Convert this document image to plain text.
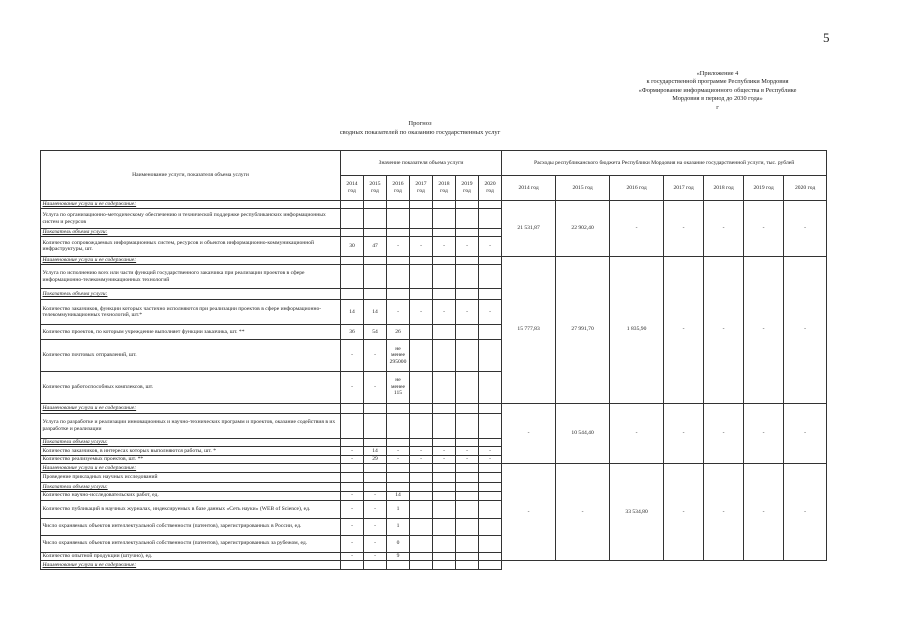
5
«Приложение 4
к государственной программе Республики Мордовия
«Формирование информационного общества в Республике
Мордовия в период до 2030 года»
г
Прогноз
сводных показателей по оказанию государственных услуг
Наименование услуги, показателя объема услуги	Значение показателя объема услуги							Расходы республиканского бюджета Республики Мордовия на оказание государственной услуги, тыс. рублей						
	2014 год	2015 год	2016 год	2017 год	2018 год	2019 год	2020 год	2014 год	2015 год	2016 год	2017 год	2018 год	2019 год	2020 год
Наименование услуги и ее содержание:								21 531,87	22 902,40	-	-	-	-	-
Услуга по организационно-методическому обеспечению и технической поддержке республиканских информационных систем и ресурсов														
Показатель объема услуги:														
Количество сопровождаемых информационных систем, ресурсов и объектов информационно-коммуникационной инфраструктуры, шт.	30	47	-	-	-	-	-							
Наименование услуги и ее содержание:								15 777,83	27 991,70	1 835,90	-	-	-	-
Услуга по исполнению всех или части функций государственного заказчика при реализации проектов в сфере информационно-телекоммуникационных технологий														
Показатель объема услуги:														
Количество заказчиков, функции которых частично исполняются при реализации проектов в сфере информационно-телекоммуникационных технологий, шт.*	14	14	-	-	-	-	-							
Количество проектов, по которым учреждение выполняет функции заказчика, шт. **	36	54	26											
Количество почтовых отправлений, шт.	-	-	не менее 295000											
Количество работоспособных комплексов, шт.	-	-	не менее 115											
Наименование услуги и ее содержание:								-	10 544,40	-	-	-	-	-
Услуга по разработке и реализации инновационных и научно-технических программ и проектов, оказание содействия в их разработке и реализации														
Показатели объема услуги:														
Количество заказчиков, в интересах которых выполняются работы, шт. *	-	14	-	-	-	-	-							
Количество реализуемых проектов, шт. **	-	29	-	-	-	-	-							
Наименование услуги и ее содержание:								-	-	33 534,80	-	-	-	-
Проведение прикладных научных исследований														
Показатели объема услуги:														
Количество научно-исследовательских работ, ед.	-	-	14											
Количество публикаций в научных журналах, индексируемых в базе данных «Сеть науки» (WEB of Science), ед.	-	-	1											
Число охраняемых объектов интеллектуальной собственности (патентов), зарегистрированных в России, ед.	-	-	1											
Число охраняемых объектов интеллектуальной собственности (патентов), зарегистрированных за рубежом, ед.	-	-	0											
Количество опытной продукции (штучно), ед.	-	-	9											
Наименование услуги и ее содержание:														
